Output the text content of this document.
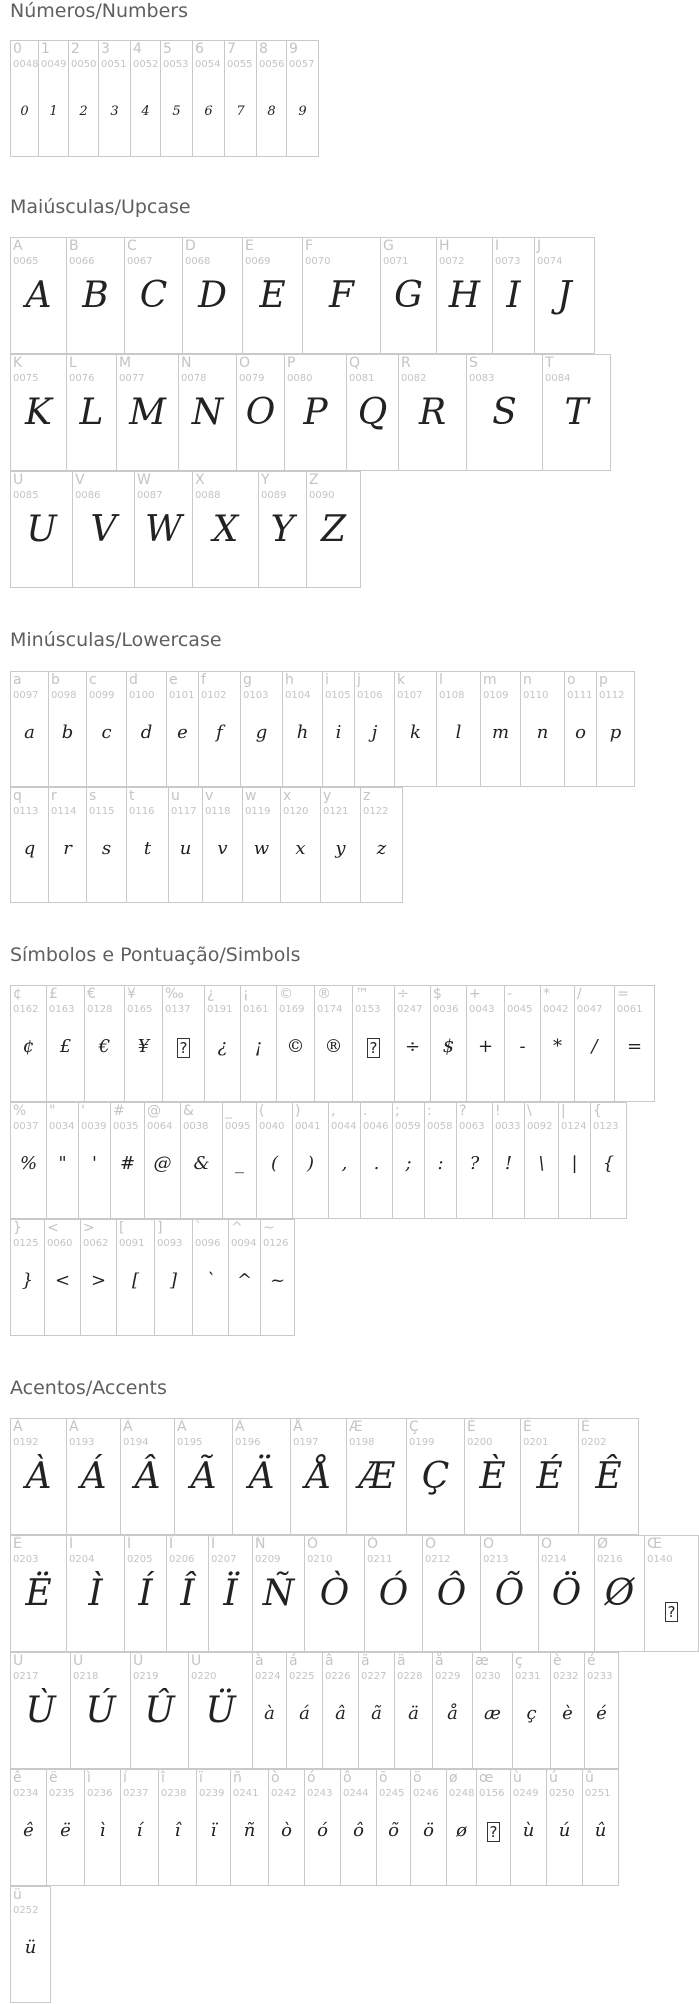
Números/Numbers
0
0048
0
1
0049
1
2
0050
2
3
0051
3
4
0052
4
5
0053
5
6
0054
6
7
0055
7
8
0056
8
9
0057
9
Maiúsculas/Upcase
A
0065
A
B
0066
B
C
0067
C
D
0068
D
E
0069
E
F
0070
F
G
0071
G
H
0072
H
I
0073
I
J
0074
J
K
0075
K
L
0076
L
M
0077
M
N
0078
N
O
0079
O
P
0080
P
Q
0081
Q
R
0082
R
S
0083
S
T
0084
T
U
0085
U
V
0086
V
W
0087
W
X
0088
X
Y
0089
Y
Z
0090
Z
Minúsculas/Lowercase
a
0097
a
b
0098
b
c
0099
c
d
0100
d
e
0101
e
f
0102
f
g
0103
g
h
0104
h
i
0105
i
j
0106
j
k
0107
k
l
0108
l
m
0109
m
n
0110
n
o
0111
o
p
0112
p
q
0113
q
r
0114
r
s
0115
s
t
0116
t
u
0117
u
v
0118
v
w
0119
w
x
0120
x
y
0121
y
z
0122
z
Símbolos e Pontuação/Simbols
¢
0162
¢
£
0163
£
€
0128
€
¥
0165
¥
‰
0137
?
¿
0191
¿
¡
0161
¡
©
0169
©
®
0174
®
™
0153
?
÷
0247
÷
$
0036
$
+
0043
+
-
0045
-
*
0042
*
/
0047
/
=
0061
=
%
0037
%
"
0034
"
'
0039
'
#
0035
#
@
0064
@
&
0038
&
_
0095
_
(
0040
(
)
0041
)
,
0044
,
.
0046
.
;
0059
;
:
0058
:
?
0063
?
!
0033
!
\
0092
\
|
0124
|
{
0123
{
}
0125
}
<
0060
<
>
0062
>
[
0091
[
]
0093
]
`
0096
`
^
0094
^
~
0126
~
Acentos/Accents
À
0192
À
Á
0193
Á
Â
0194
Â
Ã
0195
Ã
Ä
0196
Ä
Å
0197
Å
Æ
0198
Æ
Ç
0199
Ç
È
0200
È
É
0201
É
Ê
0202
Ê
Ë
0203
Ë
Ì
0204
Ì
Í
0205
Í
Î
0206
Î
Ï
0207
Ï
Ñ
0209
Ñ
Ò
0210
Ò
Ó
0211
Ó
Ô
0212
Ô
Õ
0213
Õ
Ö
0214
Ö
Ø
0216
Ø
Œ
0140
?
Ù
0217
Ù
Ú
0218
Ú
Û
0219
Û
Ü
0220
Ü
à
0224
à
á
0225
á
â
0226
â
ã
0227
ã
ä
0228
ä
å
0229
å
æ
0230
æ
ç
0231
ç
è
0232
è
é
0233
é
ê
0234
ê
ë
0235
ë
ì
0236
ì
í
0237
í
î
0238
î
ï
0239
ï
ñ
0241
ñ
ò
0242
ò
ó
0243
ó
ô
0244
ô
õ
0245
õ
ö
0246
ö
ø
0248
ø
œ
0156
?
ù
0249
ù
ú
0250
ú
û
0251
û
ü
0252
ü
